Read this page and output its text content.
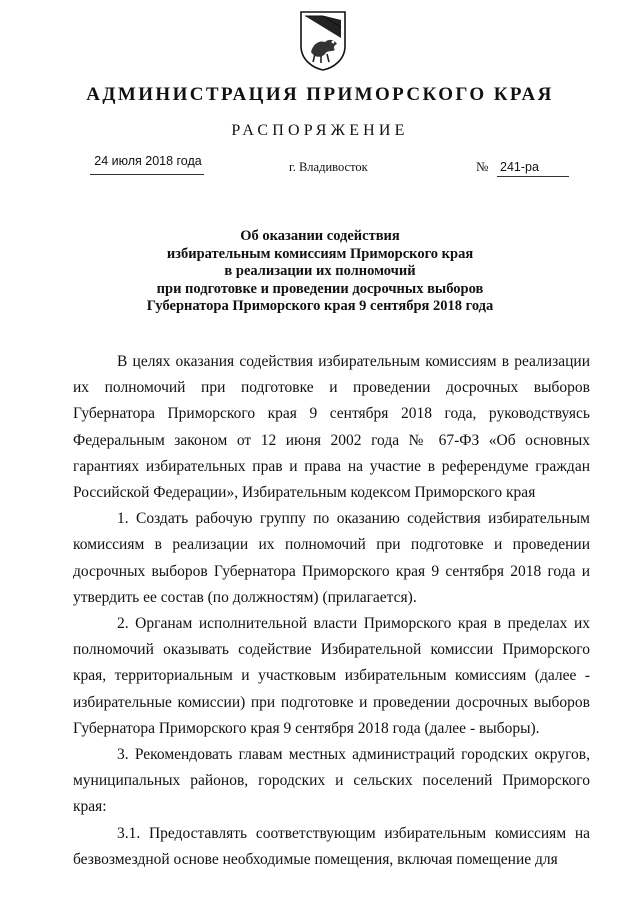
АДМИНИСТРАЦИЯ ПРИМОРСКОГО КРАЯ
РАСПОРЯЖЕНИЕ
24 июля 2018 года	г. Владивосток	№ 241-ра
Об оказании содействия
избирательным комиссиям Приморского края
в реализации их полномочий
при подготовке и проведении досрочных выборов
Губернатора Приморского края 9 сентября 2018 года

В целях оказания содействия избирательным комиссиям в реализации их полномочий при подготовке и проведении досрочных выборов Губернатора Приморского края 9 сентября 2018 года, руководствуясь Федеральным законом от 12 июня 2002 года № 67-ФЗ «Об основных гарантиях избирательных прав и права на участие в референдуме граждан Российской Федерации», Избирательным кодексом Приморского края

1. Создать рабочую группу по оказанию содействия избирательным комиссиям в реализации их полномочий при подготовке и проведении досрочных выборов Губернатора Приморского края 9 сентября 2018 года и утвердить ее состав (по должностям) (прилагается).

2. Органам исполнительной власти Приморского края в пределах их полномочий оказывать содействие Избирательной комиссии Приморского края, территориальным и участковым избирательным комиссиям (далее - избирательные комиссии) при подготовке и проведении досрочных выборов Губернатора Приморского края 9 сентября 2018 года (далее - выборы).

3. Рекомендовать главам местных администраций городских округов, муниципальных районов, городских и сельских поселений Приморского края:

3.1. Предоставлять соответствующим избирательным комиссиям на безвозмездной основе необходимые помещения, включая помещение для
